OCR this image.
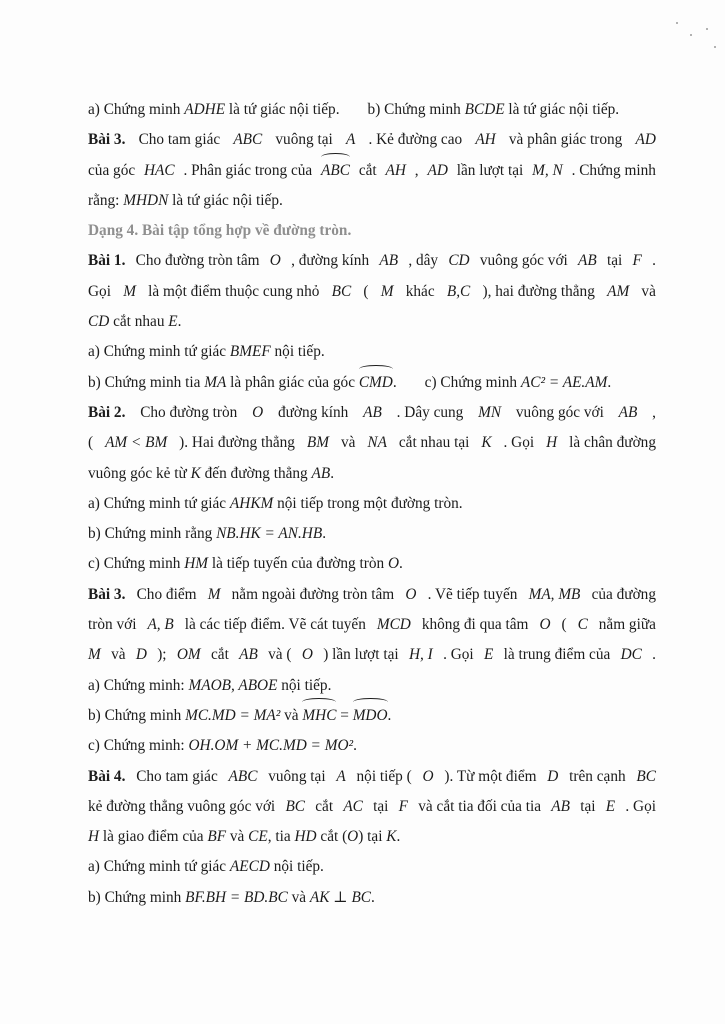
a) Chứng minh ADHE là tứ giác nội tiếp. b) Chứng minh BCDE là tứ giác nội tiếp.
Bài 3. Cho tam giác ABC vuông tại A . Kẻ đường cao AH và phân giác trong AD
của góc HAC . Phân giác trong của ABC cắt AH , AD lần lượt tại M, N . Chứng minh
rằng: MHDN là tứ giác nội tiếp.
Dạng 4. Bài tập tổng hợp về đường tròn.
Bài 1. Cho đường tròn tâm O , đường kính AB , dây CD vuông góc với AB tại F .
Gọi M là một điểm thuộc cung nhỏ BC ( M khác B,C ), hai đường thẳng AM và
CD cắt nhau E.
a) Chứng minh tứ giác BMEF nội tiếp.
b) Chứng minh tia MA là phân giác của góc CMD. c) Chứng minh AC² = AE.AM.
Bài 2. Cho đường tròn O đường kính AB . Dây cung MN vuông góc với AB ,
( AM < BM ). Hai đường thẳng BM và NA cắt nhau tại K . Gọi H là chân đường
vuông góc kẻ từ K đến đường thẳng AB.
a) Chứng minh tứ giác AHKM nội tiếp trong một đường tròn.
b) Chứng minh rằng NB.HK = AN.HB.
c) Chứng minh HM là tiếp tuyến của đường tròn O.
Bài 3. Cho điểm M nằm ngoài đường tròn tâm O . Vẽ tiếp tuyến MA, MB của đường
tròn với A, B là các tiếp điểm. Vẽ cát tuyến MCD không đi qua tâm O ( C nằm giữa
M và D ); OM cắt AB và ( O ) lần lượt tại H, I . Gọi E là trung điểm của DC .
a) Chứng minh: MAOB, ABOE nội tiếp.
b) Chứng minh MC.MD = MA² và MHC = MDO.
c) Chứng minh: OH.OM + MC.MD = MO².
Bài 4. Cho tam giác ABC vuông tại A nội tiếp ( O ). Từ một điểm D trên cạnh BC
kẻ đường thẳng vuông góc với BC cắt AC tại F và cắt tia đối của tia AB tại E . Gọi
H là giao điểm của BF và CE, tia HD cắt (O) tại K.
a) Chứng minh tứ giác AECD nội tiếp.
b) Chứng minh BF.BH = BD.BC và AK ⊥ BC.
